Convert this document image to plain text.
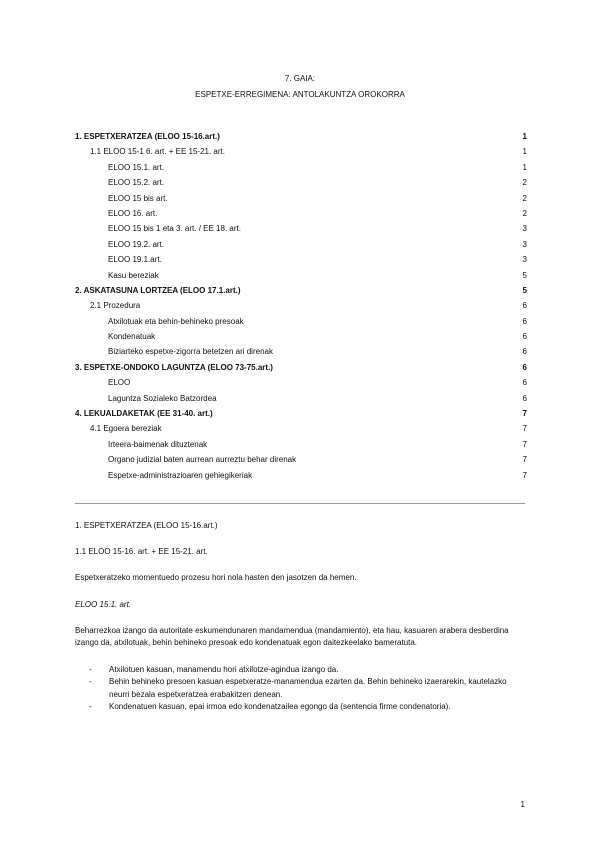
7. GAIA:
ESPETXE-ERREGIMENA: ANTOLAKUNTZA OROKORRA
1. ESPETXERATZEA (ELOO 15-16.art.)	1
1.1 ELOO 15-1 6. art. + EE 15-21. art.	1
ELOO 15.1. art.	1
ELOO 15.2. art.	2
ELOO 15 bis art.	2
ELOO 16. art.	2
ELOO 15 bis 1 eta 3. art. / EE 18. art.	3
ELOO 19.2. art.	3
ELOO 19.1.art.	3
Kasu bereziak	5
2. ASKATASUNA LORTZEA (ELOO 17.1.art.)	5
2.1 Prozedura	6
Atxilotuak eta behin-behineko presoak	6
Kondenatuak	6
Biziarteko espetxe-zigorra betetzen ari direnak	6
3. ESPETXE-ONDOKO LAGUNTZA (ELOO 73-75.art.)	6
ELOO	6
Laguntza Sozialeko Batzordea	6
4. LEKUALDAKETAK (EE 31-40. art.)	7
4.1 Egoera bereziak	7
Irteera-baimenak dituztenak	7
Organo judizial baten aurrean aurreztu behar direnak	7
Espetxe-administrazioaren gehiegikeriak	7

1. ESPETXERATZEA (ELOO 15-16.art.)

1.1 ELOO 15-16. art. + EE 15-21. art.

Espetxeratzeko momentuedo prozesu hori nola hasten den jasotzen da hemen.

ELOO 15.1. art.

Beharrezkoa izango da autoritate eskumendunaren mandamendua (mandamiento), eta hau, kasuaren arabera desberdina izango da, atxilotuak, behin behineko presoak edo kondenatuak egon daitezkeelako bameratuta.

- Atxilotuen kasuan, manamendu hori atxilotze-agindua izango da.
- Behin behineko presoen kasuan espetxeratze-manamendua ezarten da. Behin behineko izaerarekin, kautelazko neurri bezala espetxeratzea erabakitzen denean.
- Kondenatuen kasuan, epai irmoa edo kondenatzailea egongo da (sentencia firme condenatoria).
1
